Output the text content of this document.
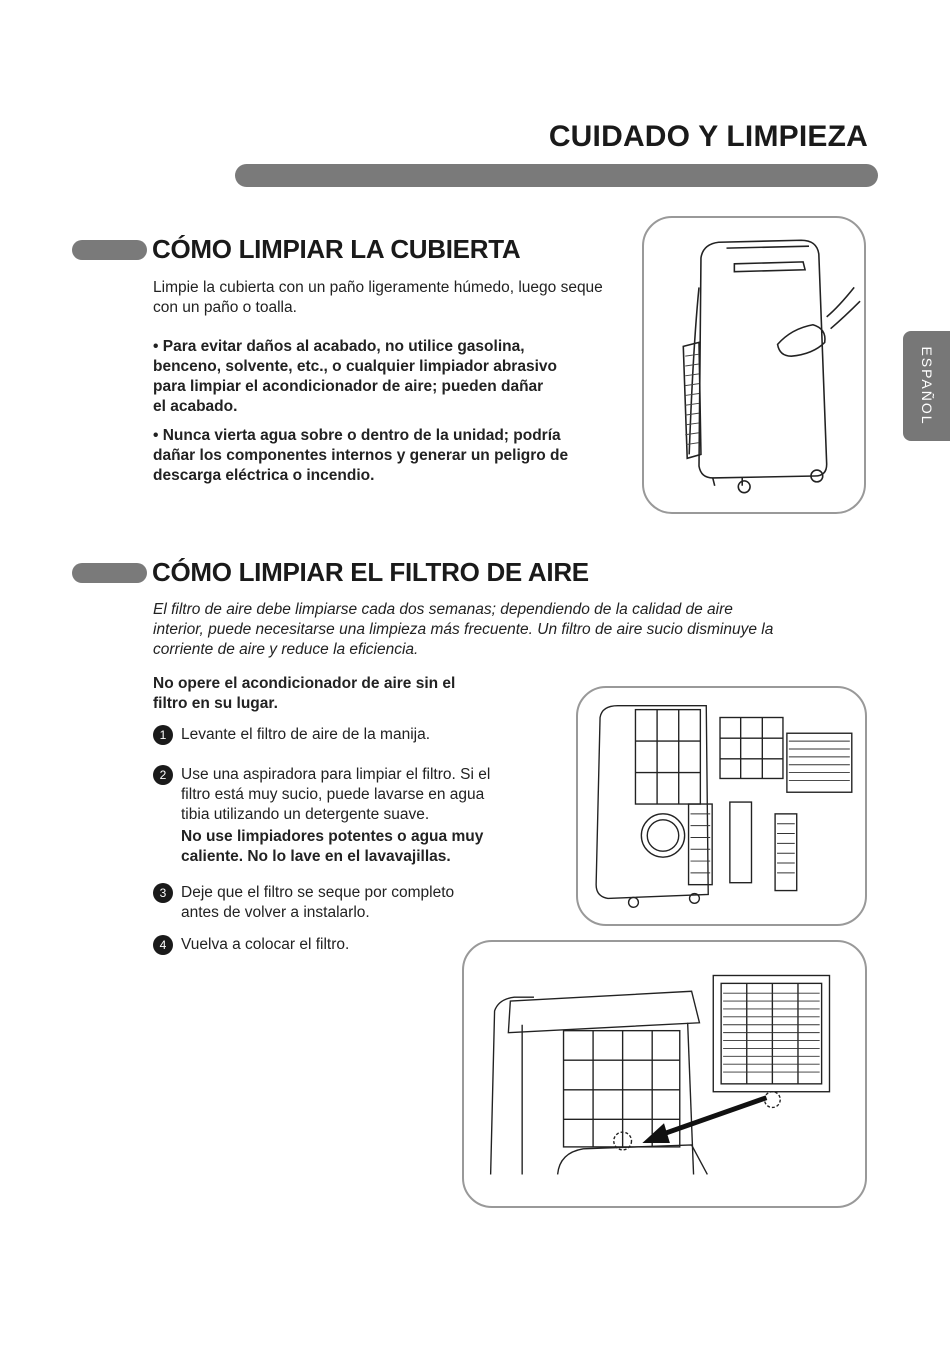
CUIDADO Y LIMPIEZA
ESPAÑOL
CÓMO LIMPIAR LA CUBIERTA
Limpie la cubierta con un paño ligeramente húmedo, luego seque
con un paño o toalla.
• Para evitar daños al acabado, no utilice gasolina,
benceno, solvente, etc., o cualquier limpiador abrasivo
para limpiar el acondicionador de aire; pueden dañar
el acabado.
• Nunca vierta agua sobre o dentro de la unidad; podría
dañar los componentes internos y generar un peligro de
descarga eléctrica o incendio.
CÓMO LIMPIAR EL FILTRO DE AIRE
El filtro de aire debe limpiarse cada dos semanas; dependiendo de la calidad de aire
interior, puede necesitarse una limpieza más frecuente. Un filtro de aire sucio disminuye la
corriente de aire y reduce la eficiencia.
No opere el acondicionador de aire sin el
filtro en su lugar.
1 Levante el filtro de aire de la manija.
2 Use una aspiradora para limpiar el filtro. Si el
filtro está muy sucio, puede lavarse en agua
tibia utilizando un detergente suave.
No use limpiadores potentes o agua muy
caliente. No lo lave en el lavavajillas.
3 Deje que el filtro se seque por completo
antes de volver a instalarlo.
4 Vuelva a colocar el filtro.
